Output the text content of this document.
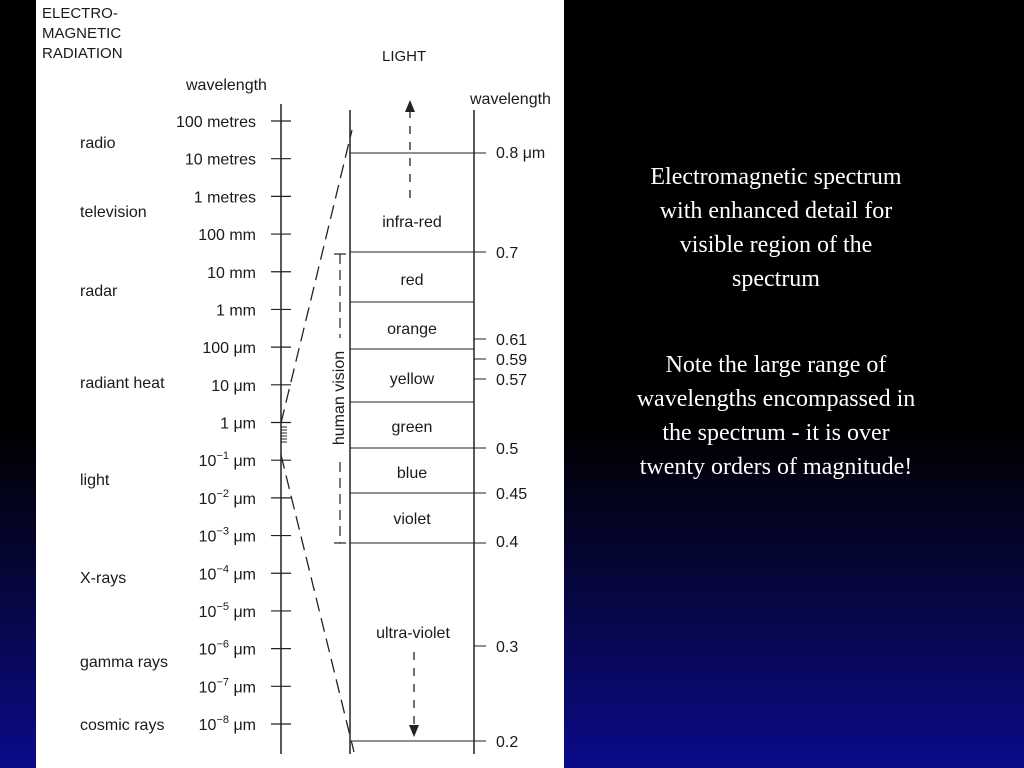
ELECTRO-
MAGNETIC
RADIATION	LIGHT
wavelength
wavelength
radio
television
radar
radiant heat
light
X-rays
gamma rays
cosmic rays
100 metres
10 metres
1 metres
100 mm
10 mm
1 mm
100 μm
10 μm
1 μm
$10^{-1}$ μm
$10^{-2}$ μm
$10^{-3}$ μm
$10^{-4}$ μm
$10^{-5}$ μm
$10^{-6}$ μm
$10^{-7}$ μm
$10^{-8}$ μm
infra-red
red
orange
yellow
green
blue
violet
ultra-violet
human vision
0.8 μm
0.7
0.61
0.59
0.57
0.5
0.45
0.4
0.3
0.2

Electromagnetic spectrum with enhanced detail for visible region of the spectrum

Note the large range of wavelengths encompassed in the spectrum - it is over twenty orders of magnitude!
